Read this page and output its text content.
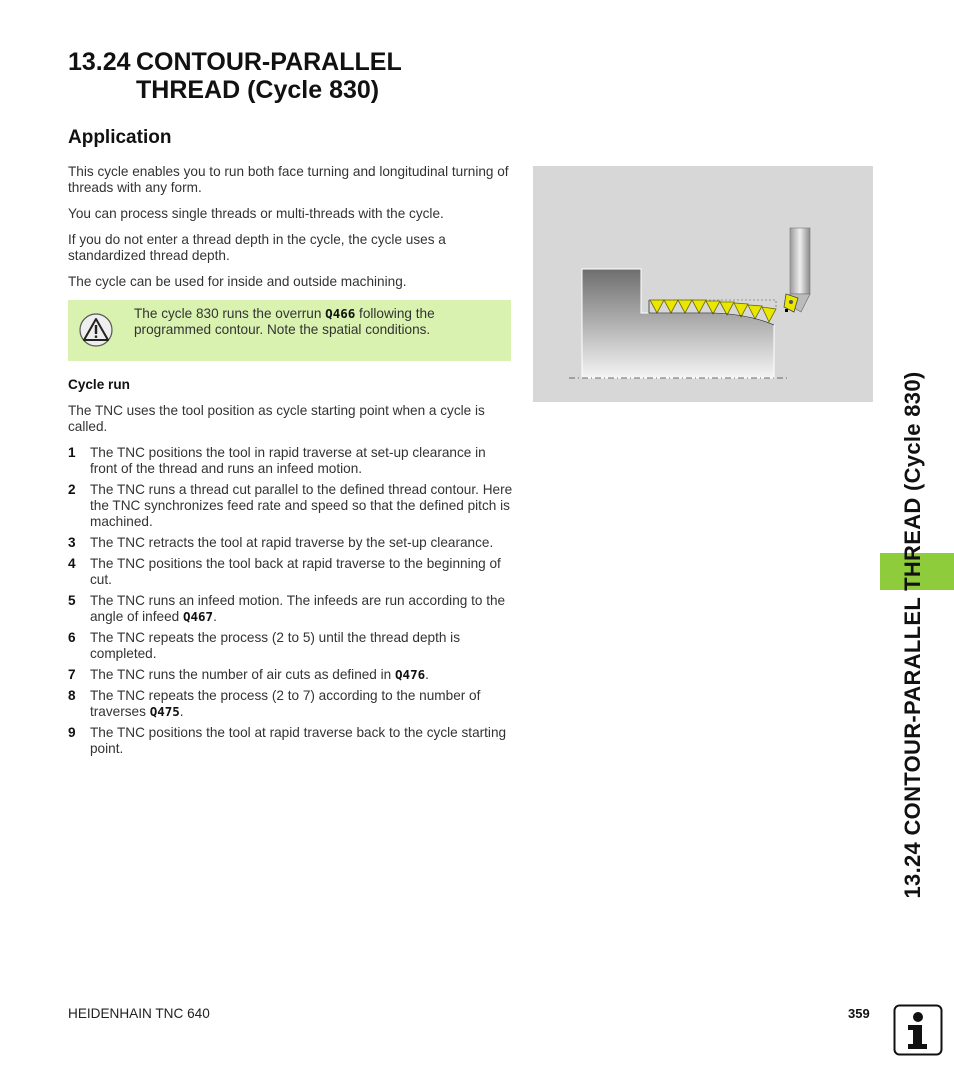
13.24 CONTOUR-PARALLEL
THREAD (Cycle 830)
Application

This cycle enables you to run both face turning and longitudinal turning of threads with any form.

You can process single threads or multi-threads with the cycle.

If you do not enter a thread depth in the cycle, the cycle uses a standardized thread depth.

The cycle can be used for inside and outside machining.

The cycle 830 runs the overrun Q466 following the programmed contour. Note the spatial conditions.

Cycle run

The TNC uses the tool position as cycle starting point when a cycle is called.

1 The TNC positions the tool in rapid traverse at set-up clearance in front of the thread and runs an infeed motion.
2 The TNC runs a thread cut parallel to the defined thread contour. Here the TNC synchronizes feed rate and speed so that the defined pitch is machined.
3 The TNC retracts the tool at rapid traverse by the set-up clearance.
4 The TNC positions the tool back at rapid traverse to the beginning of cut.
5 The TNC runs an infeed motion. The infeeds are run according to the angle of infeed Q467.
6 The TNC repeats the process (2 to 5) until the thread depth is completed.
7 The TNC runs the number of air cuts as defined in Q476.
8 The TNC repeats the process (2 to 7) according to the number of traverses Q475.
9 The TNC positions the tool at rapid traverse back to the cycle starting point.	13.24 CONTOUR-PARALLEL THREAD (Cycle 830)
HEIDENHAIN TNC 640	359
